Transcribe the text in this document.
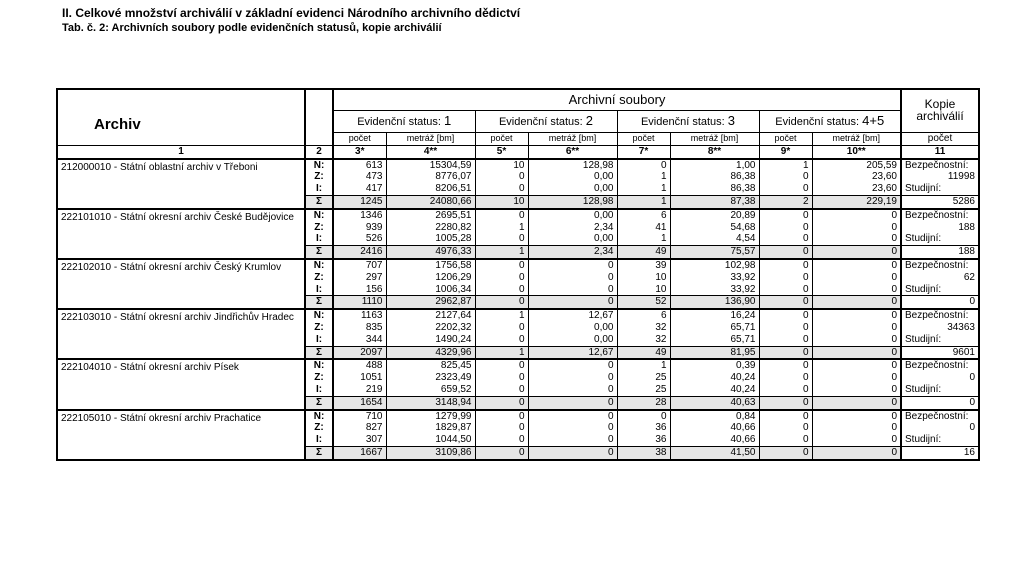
II. Celkové množství archiválií v základní evidenci Národního archivního dědictví
Tab. č. 2: Archivních soubory podle evidenčních statusů, kopie archiválií
Archiv		Archivní soubory								Kopie archiválií
		Evidenční status: 1		Evidenční status: 2		Evidenční status: 3		Evidenční status: 4+5		
		počet	metráž [bm]	počet	metráž [bm]	počet	metráž [bm]	počet	metráž [bm]	počet
1	2	3*	4**	5*	6**	7*	8**	9*	10**	11
212000010 - Státní oblastní archiv v Třeboni	N:	613	15304,59	10	128,98	0	1,00	1	205,59	Bezpečnostní:
	Z:	473	8776,07	0	0,00	1	86,38	0	23,60	11998
	I:	417	8206,51	0	0,00	1	86,38	0	23,60	Studijní:
	Σ	1245	24080,66	10	128,98	1	87,38	2	229,19	5286
222101010 - Státní okresní archiv České Budějovice	N:	1346	2695,51	0	0,00	6	20,89	0	0	Bezpečnostní:
	Z:	939	2280,82	1	2,34	41	54,68	0	0	188
	I:	526	1005,28	0	0,00	1	4,54	0	0	Studijní:
	Σ	2416	4976,33	1	2,34	49	75,57	0	0	188
222102010 - Státní okresní archiv Český Krumlov	N:	707	1756,58	0	0	39	102,98	0	0	Bezpečnostní:
	Z:	297	1206,29	0	0	10	33,92	0	0	62
	I:	156	1006,34	0	0	10	33,92	0	0	Studijní:
	Σ	1110	2962,87	0	0	52	136,90	0	0	0
222103010 - Státní okresní archiv Jindřichův Hradec	N:	1163	2127,64	1	12,67	6	16,24	0	0	Bezpečnostní:
	Z:	835	2202,32	0	0,00	32	65,71	0	0	34363
	I:	344	1490,24	0	0,00	32	65,71	0	0	Studijní:
	Σ	2097	4329,96	1	12,67	49	81,95	0	0	9601
222104010 - Státní okresní archiv Písek	N:	488	825,45	0	0	1	0,39	0	0	Bezpečnostní:
	Z:	1051	2323,49	0	0	25	40,24	0	0	0
	I:	219	659,52	0	0	25	40,24	0	0	Studijní:
	Σ	1654	3148,94	0	0	28	40,63	0	0	0
222105010 - Státní okresní archiv Prachatice	N:	710	1279,99	0	0	0	0,84	0	0	Bezpečnostní:
	Z:	827	1829,87	0	0	36	40,66	0	0	0
	I:	307	1044,50	0	0	36	40,66	0	0	Studijní:
	Σ	1667	3109,86	0	0	38	41,50	0	0	16
